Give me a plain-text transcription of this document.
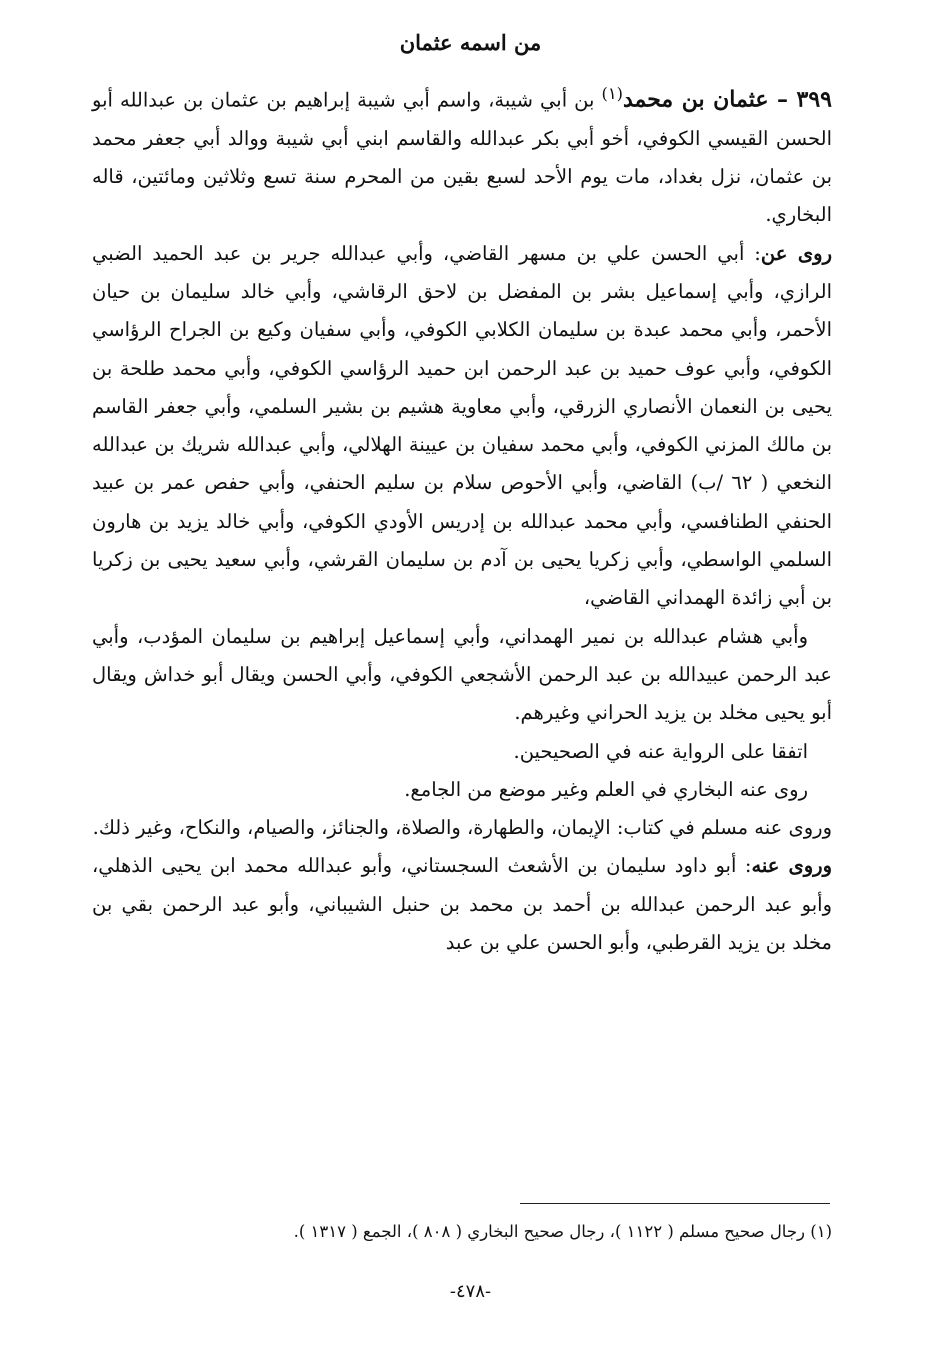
من اسمه عثمان

٣٩٩ – عثمان بن محمد$^{(١)}$ بن أبي شيبة، واسم أبي شيبة إبراهيم بن عثمان بن عبدالله أبو الحسن القيسي الكوفي، أخو أبي بكر عبدالله والقاسم ابني أبي شيبة ووالد أبي جعفر محمد بن عثمان، نزل بغداد، مات يوم الأحد لسبع بقين من المحرم سنة تسع وثلاثين ومائتين، قاله البخاري.

روى عن: أبي الحسن علي بن مسهر القاضي، وأبي عبدالله جرير بن عبد الحميد الضبي الرازي، وأبي إسماعيل بشر بن المفضل بن لاحق الرقاشي، وأبي خالد سليمان بن حيان الأحمر، وأبي محمد عبدة بن سليمان الكلابي الكوفي، وأبي سفيان وكيع بن الجراح الرؤاسي الكوفي، وأبي عوف حميد بن عبد الرحمن ابن حميد الرؤاسي الكوفي، وأبي محمد طلحة بن يحيى بن النعمان الأنصاري الزرقي، وأبي معاوية هشيم بن بشير السلمي، وأبي جعفر القاسم بن مالك المزني الكوفي، وأبي محمد سفيان بن عيينة الهلالي، وأبي عبدالله شريك بن عبدالله النخعي ( ٦٢ /ب) القاضي، وأبي الأحوص سلام بن سليم الحنفي، وأبي حفص عمر بن عبيد الحنفي الطنافسي، وأبي محمد عبدالله بن إدريس الأودي الكوفي، وأبي خالد يزيد بن هارون السلمي الواسطي، وأبي زكريا يحيى بن آدم بن سليمان القرشي، وأبي سعيد يحيى بن زكريا بن أبي زائدة الهمداني القاضي،

وأبي هشام عبدالله بن نمير الهمداني، وأبي إسماعيل إبراهيم بن سليمان المؤدب، وأبي عبد الرحمن عبيدالله بن عبد الرحمن الأشجعي الكوفي، وأبي الحسن ويقال أبو خداش ويقال أبو يحيى مخلد بن يزيد الحراني وغيرهم.

اتفقا على الرواية عنه في الصحيحين.

روى عنه البخاري في العلم وغير موضع من الجامع.

وروى عنه مسلم في كتاب: الإيمان، والطهارة، والصلاة، والجنائز، والصيام، والنكاح، وغير ذلك.

وروى عنه: أبو داود سليمان بن الأشعث السجستاني، وأبو عبدالله محمد ابن يحيى الذهلي، وأبو عبد الرحمن عبدالله بن أحمد بن محمد بن حنبل الشيباني، وأبو عبد الرحمن بقي بن مخلد بن يزيد القرطبي، وأبو الحسن علي بن عبد

(١) رجال صحيح مسلم ( ١١٢٢ )، رجال صحيح البخاري ( ٨٠٨ )، الجمع ( ١٣١٧ ).
-٤٧٨-
